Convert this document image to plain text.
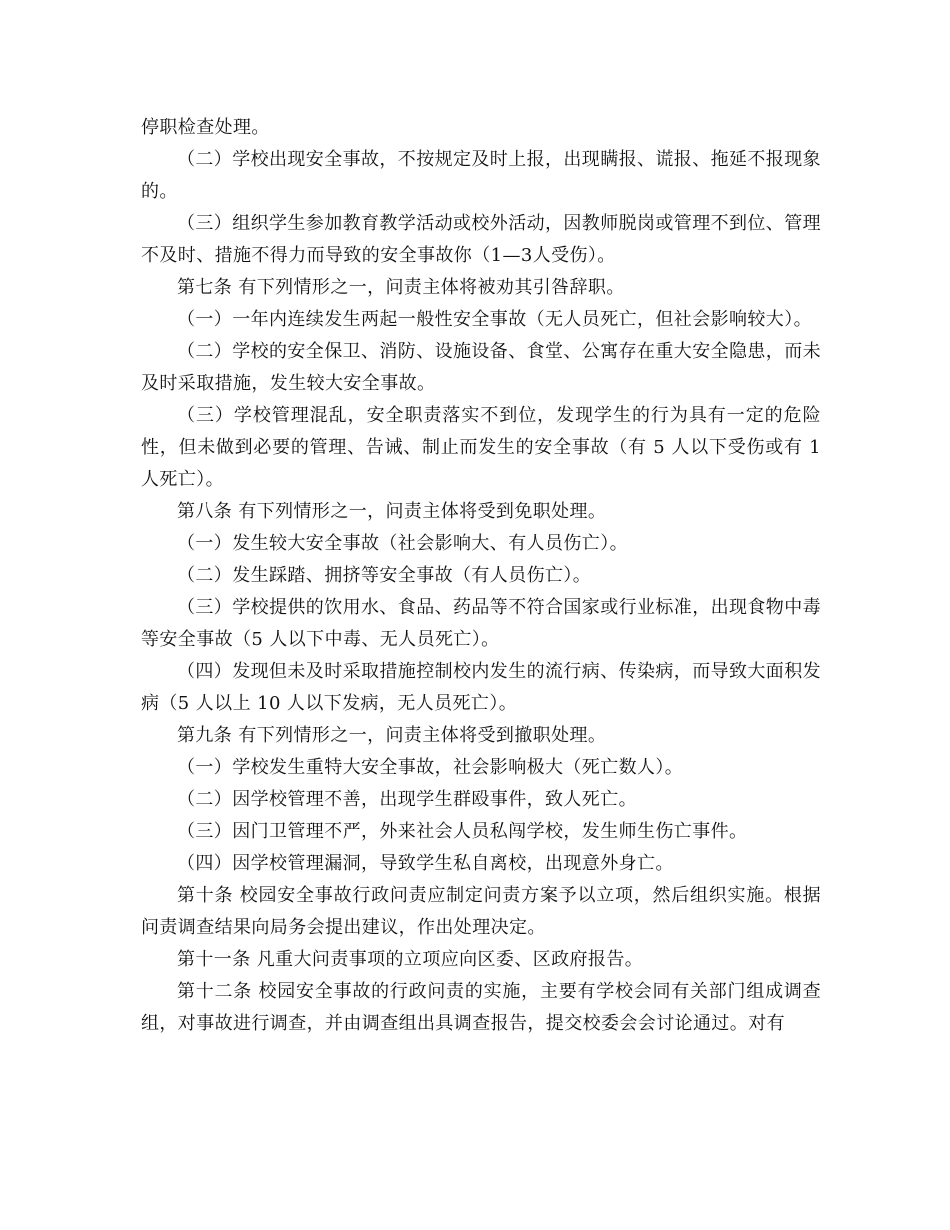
停职检查处理。

（二）学校出现安全事故，不按规定及时上报，出现瞒报、谎报、拖延不报现象的。

（三）组织学生参加教育教学活动或校外活动，因教师脱岗或管理不到位、管理不及时、措施不得力而导致的安全事故你（1—3人受伤）。

第七条 有下列情形之一，问责主体将被劝其引咎辞职。

（一）一年内连续发生两起一般性安全事故（无人员死亡，但社会影响较大）。

（二）学校的安全保卫、消防、设施设备、食堂、公寓存在重大安全隐患，而未及时采取措施，发生较大安全事故。

（三）学校管理混乱，安全职责落实不到位，发现学生的行为具有一定的危险性，但未做到必要的管理、告诫、制止而发生的安全事故（有 5 人以下受伤或有 1 人死亡）。

第八条 有下列情形之一，问责主体将受到免职处理。

（一）发生较大安全事故（社会影响大、有人员伤亡）。

（二）发生踩踏、拥挤等安全事故（有人员伤亡）。

（三）学校提供的饮用水、食品、药品等不符合国家或行业标准，出现食物中毒等安全事故（5 人以下中毒、无人员死亡）。

（四）发现但未及时采取措施控制校内发生的流行病、传染病，而导致大面积发病（5 人以上 10 人以下发病，无人员死亡）。

第九条 有下列情形之一，问责主体将受到撤职处理。

（一）学校发生重特大安全事故，社会影响极大（死亡数人）。

（二）因学校管理不善，出现学生群殴事件，致人死亡。

（三）因门卫管理不严，外来社会人员私闯学校，发生师生伤亡事件。

（四）因学校管理漏洞，导致学生私自离校，出现意外身亡。

第十条 校园安全事故行政问责应制定问责方案予以立项，然后组织实施。根据问责调查结果向局务会提出建议，作出处理决定。

第十一条 凡重大问责事项的立项应向区委、区政府报告。

第十二条 校园安全事故的行政问责的实施，主要有学校会同有关部门组成调查组，对事故进行调查，并由调查组出具调查报告，提交校委会会讨论通过。对有
